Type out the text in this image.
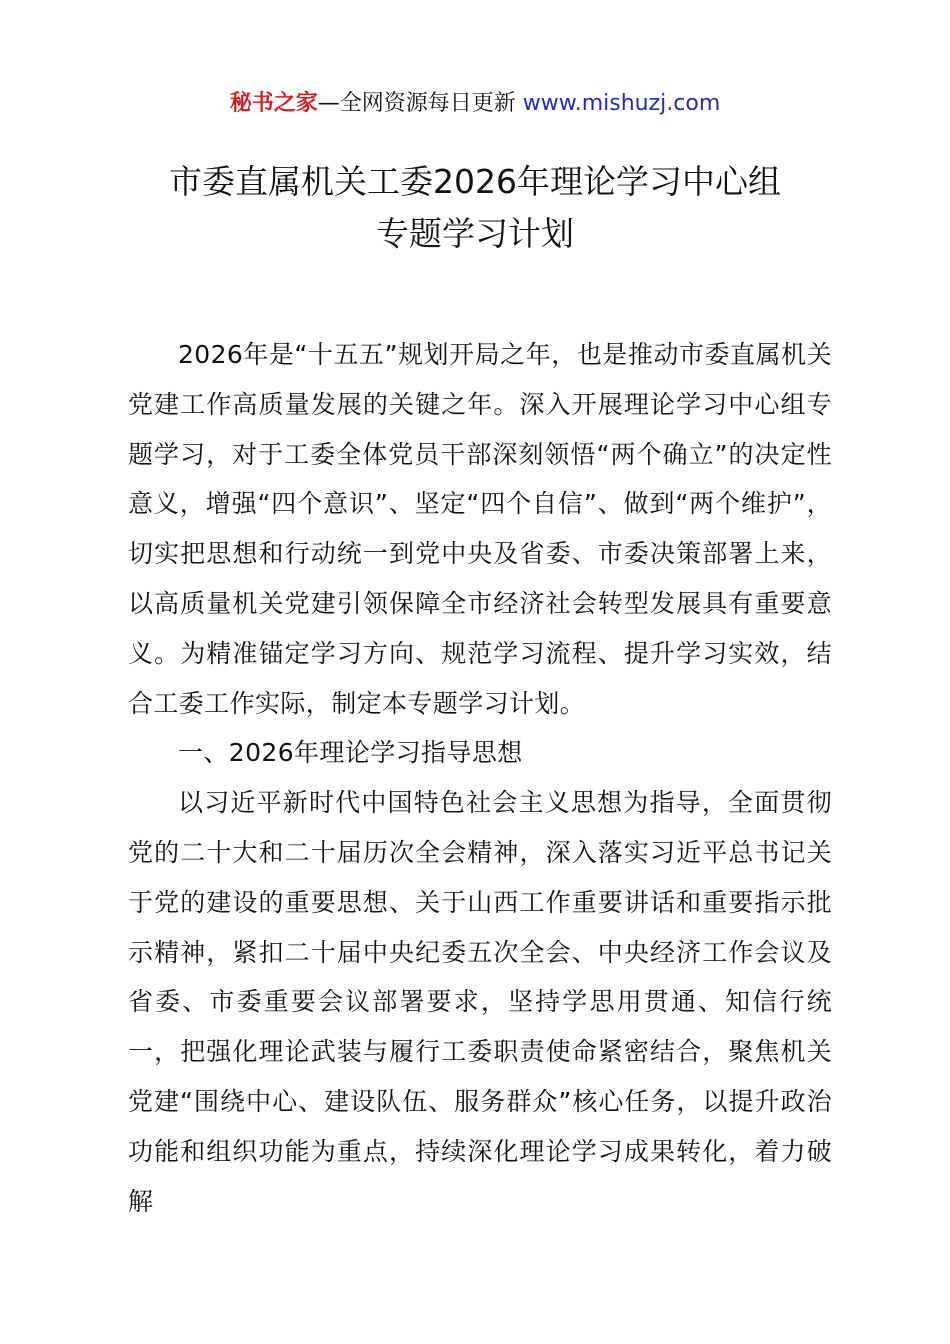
秘书之家—全网资源每日更新 www.mishuzj.com
市委直属机关工委2026年理论学习中心组
专题学习计划

2026年是“十五五”规划开局之年，也是推动市委直属机关党建工作高质量发展的关键之年。深入开展理论学习中心组专题学习，对于工委全体党员干部深刻领悟“两个确立”的决定性意义，增强“四个意识”、坚定“四个自信”、做到“两个维护”，切实把思想和行动统一到党中央及省委、市委决策部署上来，以高质量机关党建引领保障全市经济社会转型发展具有重要意义。为精准锚定学习方向、规范学习流程、提升学习实效，结合工委工作实际，制定本专题学习计划。

一、2026年理论学习指导思想

以习近平新时代中国特色社会主义思想为指导，全面贯彻党的二十大和二十届历次全会精神，深入落实习近平总书记关于党的建设的重要思想、关于山西工作重要讲话和重要指示批示精神，紧扣二十届中央纪委五次全会、中央经济工作会议及省委、市委重要会议部署要求，坚持学思用贯通、知信行统一，把强化理论武装与履行工委职责使命紧密结合，聚焦机关党建“围绕中心、建设队伍、服务群众”核心任务，以提升政治功能和组织功能为重点，持续深化理论学习成果转化，着力破解
